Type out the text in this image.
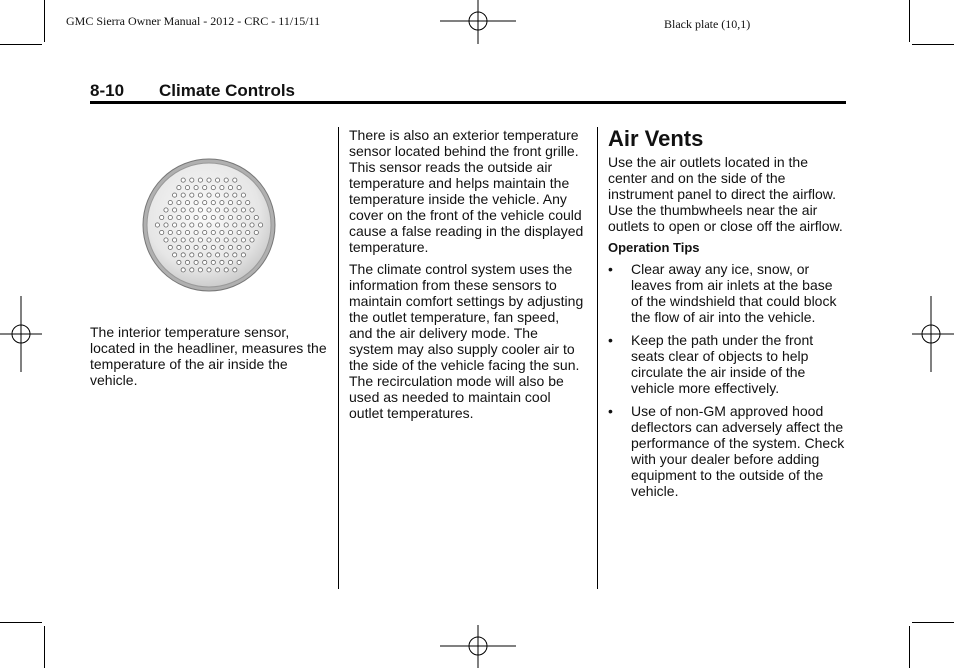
GMC Sierra Owner Manual - 2012 - CRC - 11/15/11	Black plate (10,1)
8-10 Climate Controls

The interior temperature sensor, located in the headliner, measures the temperature of the air inside the vehicle.

There is also an exterior temperature sensor located behind the front grille. This sensor reads the outside air temperature and helps maintain the temperature inside the vehicle. Any cover on the front of the vehicle could cause a false reading in the displayed temperature.

The climate control system uses the information from these sensors to maintain comfort settings by adjusting the outlet temperature, fan speed, and the air delivery mode. The system may also supply cooler air to the side of the vehicle facing the sun. The recirculation mode will also be used as needed to maintain cool outlet temperatures.

Air Vents

Use the air outlets located in the center and on the side of the instrument panel to direct the airflow. Use the thumbwheels near the air outlets to open or close off the airflow.

Operation Tips
• Clear away any ice, snow, or leaves from air inlets at the base of the windshield that could block the flow of air into the vehicle.
• Keep the path under the front seats clear of objects to help circulate the air inside of the vehicle more effectively.
• Use of non-GM approved hood deflectors can adversely affect the performance of the system. Check with your dealer before adding equipment to the outside of the vehicle.
